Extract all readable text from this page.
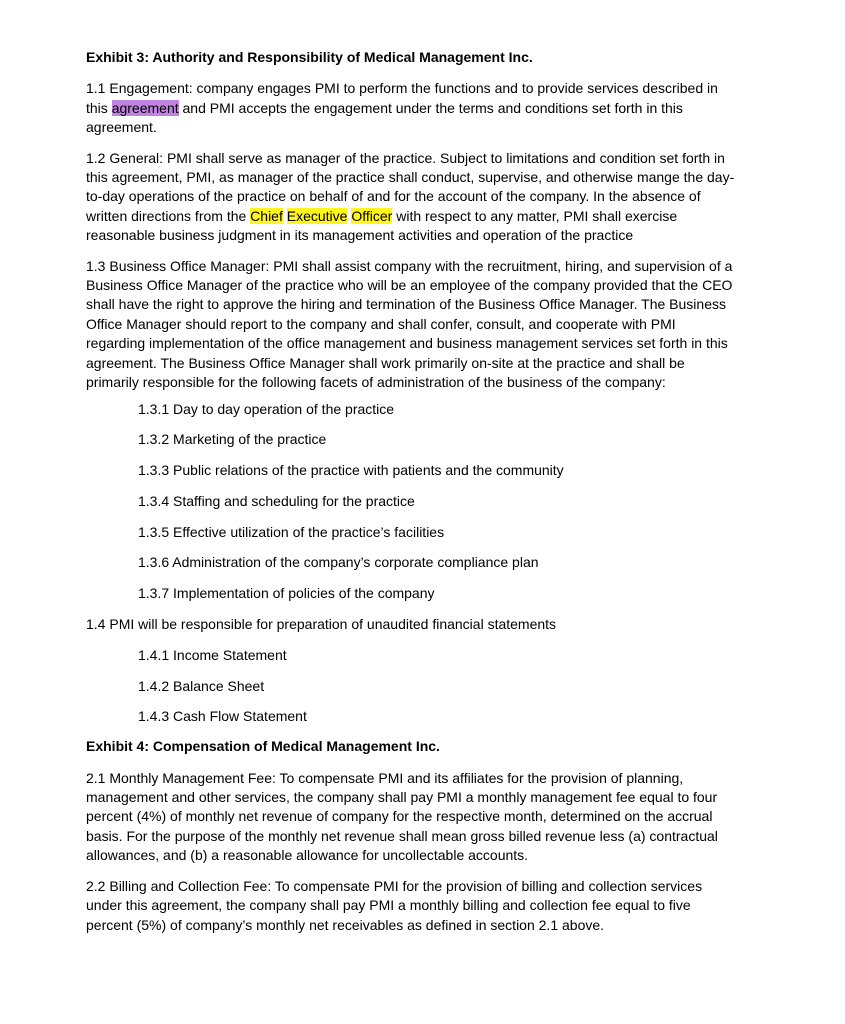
Exhibit 3: Authority and Responsibility of Medical Management Inc.
1.1 Engagement: company engages PMI to perform the functions and to provide services described in
this agreement and PMI accepts the engagement under the terms and conditions set forth in this
agreement.
1.2 General: PMI shall serve as manager of the practice. Subject to limitations and condition set forth in
this agreement, PMI, as manager of the practice shall conduct, supervise, and otherwise mange the day-
to-day operations of the practice on behalf of and for the account of the company. In the absence of
written directions from the Chief Executive Officer with respect to any matter, PMI shall exercise
reasonable business judgment in its management activities and operation of the practice
1.3 Business Office Manager: PMI shall assist company with the recruitment, hiring, and supervision of a
Business Office Manager of the practice who will be an employee of the company provided that the CEO
shall have the right to approve the hiring and termination of the Business Office Manager. The Business
Office Manager should report to the company and shall confer, consult, and cooperate with PMI
regarding implementation of the office management and business management services set forth in this
agreement. The Business Office Manager shall work primarily on-site at the practice and shall be
primarily responsible for the following facets of administration of the business of the company:
1.3.1 Day to day operation of the practice
1.3.2 Marketing of the practice
1.3.3 Public relations of the practice with patients and the community
1.3.4 Staffing and scheduling for the practice
1.3.5 Effective utilization of the practice’s facilities
1.3.6 Administration of the company’s corporate compliance plan
1.3.7 Implementation of policies of the company
1.4 PMI will be responsible for preparation of unaudited financial statements
1.4.1 Income Statement
1.4.2 Balance Sheet
1.4.3 Cash Flow Statement
Exhibit 4: Compensation of Medical Management Inc.
2.1 Monthly Management Fee: To compensate PMI and its affiliates for the provision of planning,
management and other services, the company shall pay PMI a monthly management fee equal to four
percent (4%) of monthly net revenue of company for the respective month, determined on the accrual
basis. For the purpose of the monthly net revenue shall mean gross billed revenue less (a) contractual
allowances, and (b) a reasonable allowance for uncollectable accounts.
2.2 Billing and Collection Fee: To compensate PMI for the provision of billing and collection services
under this agreement, the company shall pay PMI a monthly billing and collection fee equal to five
percent (5%) of company’s monthly net receivables as defined in section 2.1 above.
